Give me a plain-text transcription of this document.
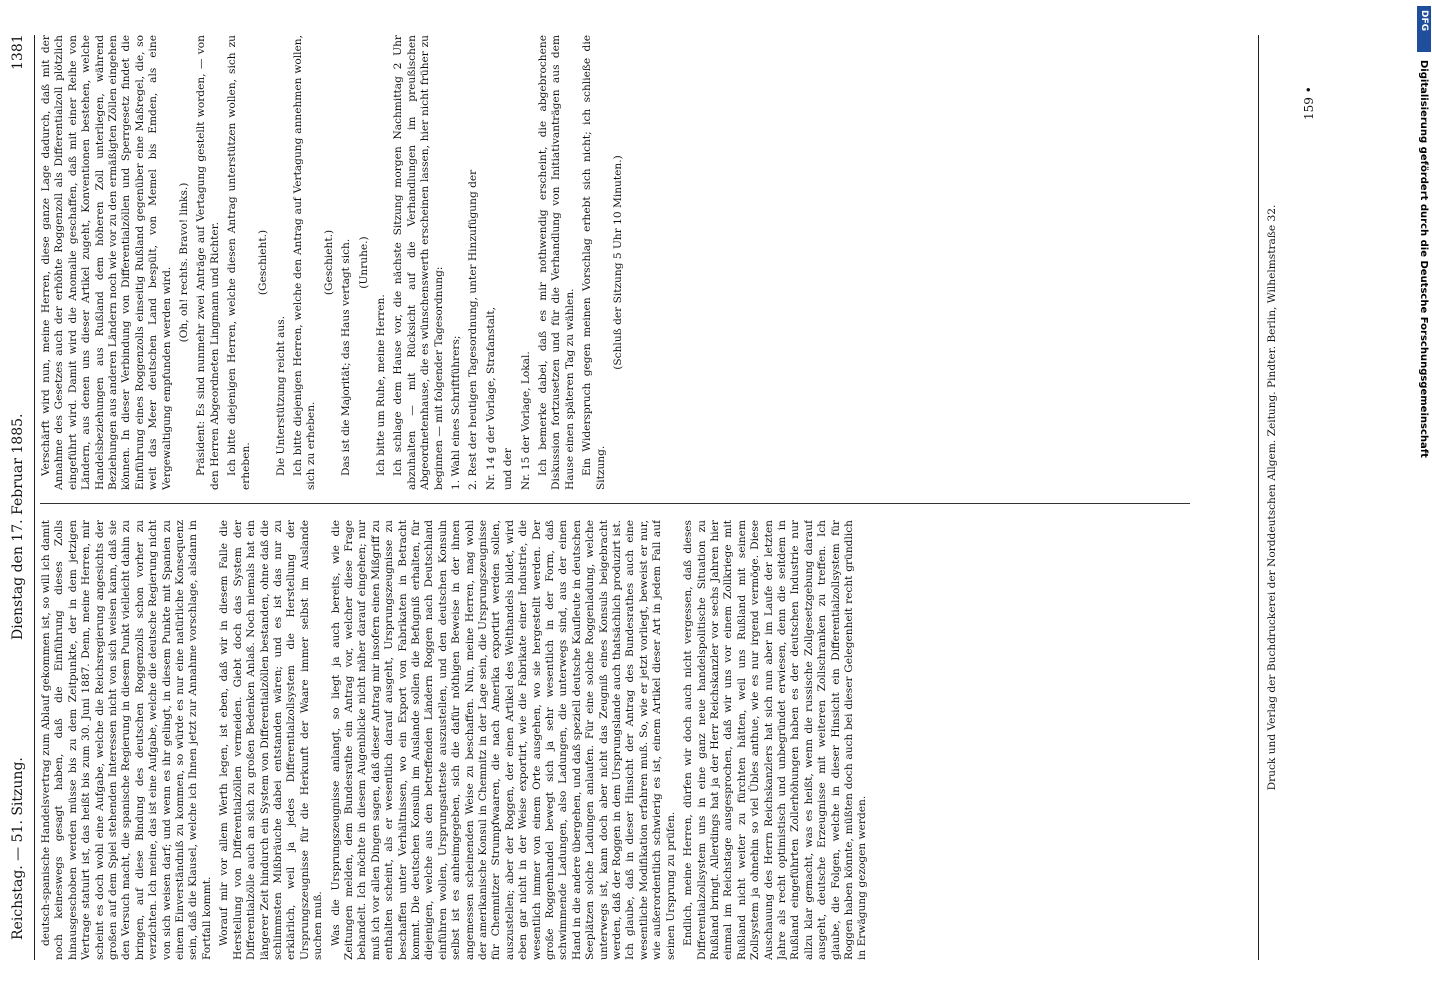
Reichstag. — 51. Sitzung.
Dienstag den 17. Februar 1885.
1381

deutsch-spanische Handelsvertrag zum Ablauf gekommen ist, so will ich damit noch keineswegs gesagt haben, daß die Einführung dieses Zolls hinausgeschoben werden müsse bis zu dem Zeitpunkte, der in dem jetzigen Vertrage statuirt ist, das heißt bis zum 30. Juni 1887. Denn, meine Herren, mir scheint es doch wohl eine Aufgabe, welche die Reichsregierung angesichts der großen auf dem Spiel stehenden Interessen nicht von sich weisen kann, daß sie den Versuch macht, die spanische Regierung in diesem Punkt vielleicht dahin zu bringen, auf diese Bindung des deutschen Roggenzolls schon vorher zu verzichten. Ich meine, das ist eine Aufgabe, welche die deutsche Regierung nicht von sich weisen darf; und wenn es ihr gelingt, in diesem Punkte mit Spanien zu einem Einverständniß zu kommen, so würde es nur eine natürliche Konsequenz sein, daß die Klausel, welche ich Ihnen jetzt zur Annahme vorschlage, alsdann in Fortfall kommt. Worauf mir vor allem Werth legen, ist eben, daß wir in diesem Falle die Herstellung von Differentialzöllen vermeiden. Giebt doch das System der Differentialzölle auch an sich zu großen Bedenken Anlaß. Noch niemals hat ein längerer Zeit hindurch ein System von Differentialzöllen bestanden, ohne daß die schlimmsten Mißbräuche dabei entstanden wären; und es ist das nur zu erklärlich, weil ja jedes Differentialzollsystem die Herstellung der Ursprungszeugnisse für die Herkunft der Waare immer selbst im Auslande suchen muß. Was die Ursprungszeugnisse anlangt, so liegt ja auch bereits, wie die Zeitungen melden, dem Bundesrathe ein Antrag vor, welcher diese Frage behandelt. Ich möchte in diesem Augenblicke nicht näher darauf eingehen; nur muß ich vor allen Dingen sagen, daß dieser Antrag mir insofern einen Mißgriff zu enthalten scheint, als er wesentlich darauf ausgeht, Ursprungszeugnisse zu beschaffen unter Verhältnissen, wo ein Export von Fabrikaten in Betracht kommt. Die deutschen Konsuln im Auslande sollen die Befugniß erhalten, für diejenigen, welche aus den betreffenden Ländern Roggen nach Deutschland einführen wollen, Ursprungsatteste auszustellen, und den deutschen Konsuln selbst ist es anheimgegeben, sich die dafür nöthigen Beweise in der ihnen angemessen scheinenden Weise zu beschaffen. Nun, meine Herren, mag wohl der amerikanische Konsul in Chemnitz in der Lage sein, die Ursprungszeugnisse für Chemnitzer Strumpfwaaren, die nach Amerika exportirt werden sollen, auszustellen; aber der Roggen, der einen Artikel des Welthandels bildet, wird eben gar nicht in der Weise exportirt, wie die Fabrikate einer Industrie, die wesentlich immer von einem Orte ausgehen, wo sie hergestellt werden. Der große Roggenhandel bewegt sich ja sehr wesentlich in der Form, daß schwimmende Ladungen, also Ladungen, die unterwegs sind, aus der einen Hand in die andere übergehen, und daß speziell deutsche Kaufleute in deutschen Seeplätzen solche Ladungen anlaufen. Für eine solche Roggenladung, welche unterwegs ist, kann doch aber nicht das Zeugniß eines Konsuls beigebracht werden, daß der Roggen in dem Ursprungslande auch thatsächlich produzirt ist. Ich glaube, daß in dieser Hinsicht der Antrag des Bundesrathes auch eine wesentliche Modifikation erfahren muß. So, wie er jetzt vorliegt, beweist er nur, wie außerordentlich schwierig es ist, einem Artikel dieser Art in jedem Fall auf seinen Ursprung zu prüfen. Endlich, meine Herren, dürfen wir doch auch nicht vergessen, daß dieses Differentialzollsystem uns in eine ganz neue handelspolitische Situation zu Rußland bringt. Allerdings hat ja der Herr Reichskanzler vor sechs Jahren hier einmal im Reichstage ausgesprochen, daß wir uns vor einem Zollkriege mit Rußland nicht weiter zu fürchten hätten, weil uns Rußland mit seinem Zollsystem ja ohnehin so viel Übles anthue, wie es nur irgend vermöge. Diese Auschauung des Herrn Reichskanzlers hat sich nun aber im Laufe der letzten Jahre als recht optimistisch und unbegründet erwiesen, denn die seitdem in Rußland eingeführten Zollerhöhungen haben es der deutschen Industrie nur allzu klar gemacht, was es heißt, wenn die russische Zollgesetzgebung darauf ausgeht, deutsche Erzeugnisse mit weiteren Zollschranken zu treffen. Ich glaube, die Folgen, welche in dieser Hinsicht ein Differentialzollsystem für Roggen haben könnte, müßten doch auch bei dieser Gelegenheit recht gründlich in Erwägung gezogen werden.

Verschärft wird nun, meine Herren, diese ganze Lage dadurch, daß mit der Annahme des Gesetzes auch der erhöhte Roggenzoll als Differentialzoll plötzlich eingeführt wird. Damit wird die Anomalie geschaffen, daß mit einer Reihe von Ländern, aus denen uns dieser Artikel zugeht, Konventionen bestehen, welche Handelsbeziehungen aus Rußland dem höheren Zoll unterliegen, während Beziehungen aus anderen Ländern noch wie vor zu den ermäßigten Zöllen eingehen können. In dieser Verbindung von Differentialzöllen und Sperrgesetz findet die Einführung eines Roggenzolls einseitig Rußland gegenüber eine Maßregel, die, so weit das Meer deutschen Land bespült, von Memel bis Emden, als eine Vergewaltigung empfunden werden wird.

(Oh, oh! rechts. Bravo! links.) Präsident: Es sind nunmehr zwei Anträge auf Vertagung gestellt worden, — von den Herren Abgeordneten Lingmann und Richter. Ich bitte diejenigen Herren, welche diesen Antrag unterstützen wollen, sich zu erheben.

(Geschieht.)

Die Unterstützung reicht aus. Ich bitte diejenigen Herren, welche den Antrag auf Vertagung annehmen wollen, sich zu erheben.

(Geschieht.) Das ist die Majorität; das Haus vertagt sich. (Unruhe.)

Ich bitte um Ruhe, meine Herren. Ich schlage dem Hause vor, die nächste Sitzung morgen Nachmittag 2 Uhr abzuhalten — mit Rücksicht auf die Verhandlungen im preußischen Abgeordnetenhause, die es wünschenswerth erscheinen lassen, hier nicht früher zu beginnen — mit folgender Tagesordnung: 1. Wahl eines Schriftführers; 2. Rest der heutigen Tagesordnung, unter Hinzufügung der Nr. 14 g der Vorlage, Strafanstalt, und der Nr. 15 der Vorlage, Lokal. Ich bemerke dabei, daß es mir nothwendig erscheint, die abgebrochene Diskussion fortzusetzen und für die Verhandlung von Initiativanträgen aus dem Hause einen späteren Tag zu wählen. Ein Widerspruch gegen meinen Vorschlag erhebt sich nicht; ich schließe die Sitzung.

(Schluß der Sitzung 5 Uhr 10 Minuten.)	Druck und Verlag der Buchdruckerei der Norddeutschen Allgem. Zeitung. Pindter. Berlin, Wilhelmstraße 32.
159 •
DFG
Digitalisierung gefördert durch die Deutsche Forschungsgemeinschaft
